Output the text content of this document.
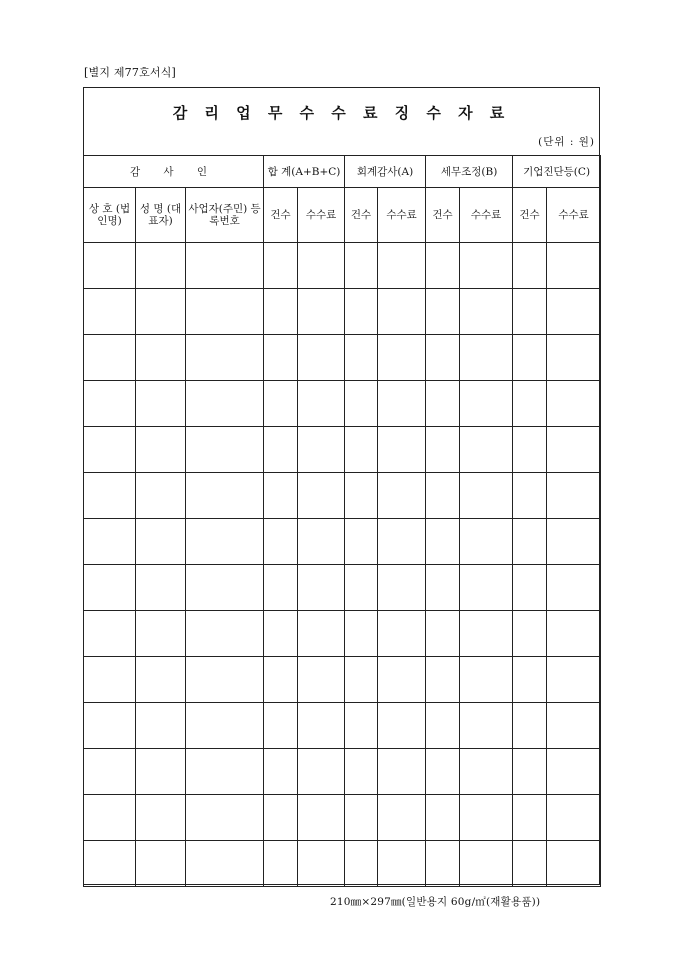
[별지 제77호서식]
감 리 업 무 수 수 료 징 수 자 료
(단위 : 원)
감 사 인			합 계(A+B+C)		회계감사(A)		세무조정(B)		기업진단등(C)	
상 호 (법인명)	성 명 (대표자)	사업자(주민) 등록번호	건수	수수료	건수	수수료	건수	수수료	건수	수수료

210㎜×297㎜(일반용지 60g/㎡(재활용품))
